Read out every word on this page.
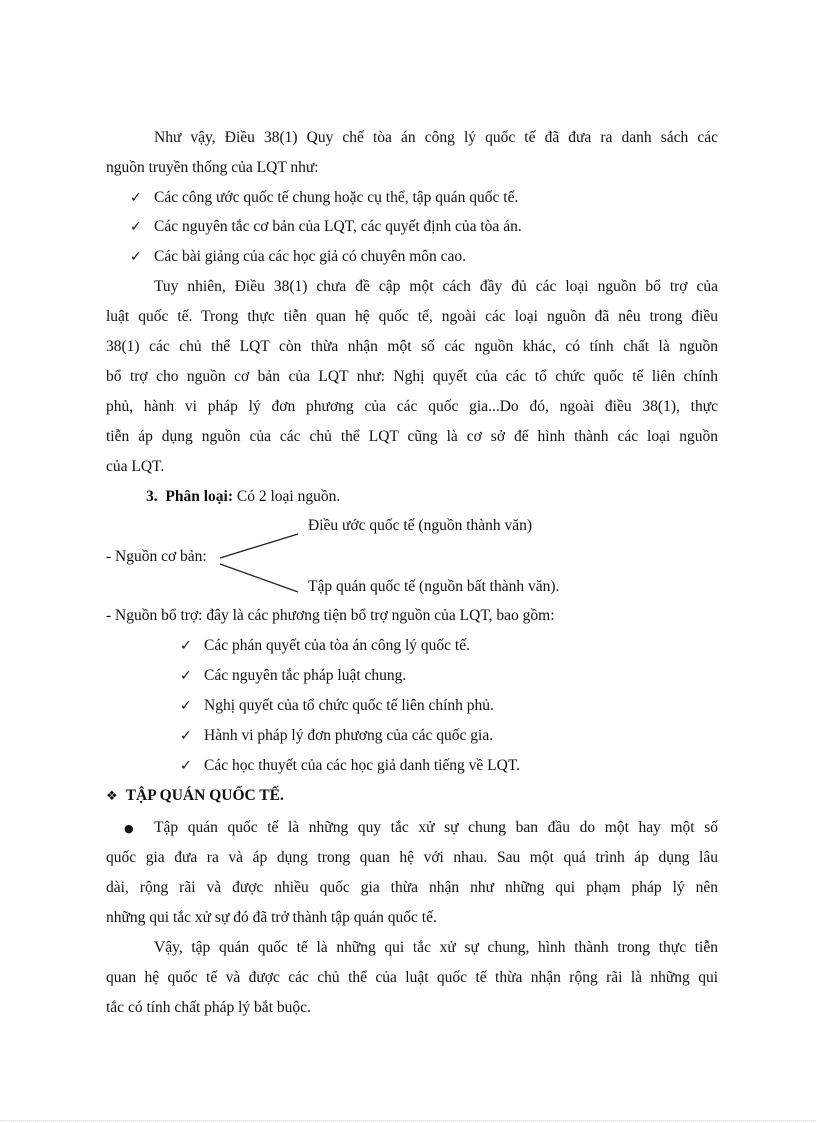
Như vậy, Điều 38(1) Quy chế tòa án công lý quốc tế đã đưa ra danh sách các
nguồn truyền thống của LQT như:
✓ Các công ước quốc tế chung hoặc cụ thể, tập quán quốc tế.
✓ Các nguyên tắc cơ bản của LQT, các quyết định của tòa án.
✓ Các bài giảng của các học giả có chuyên môn cao.
Tuy nhiên, Điều 38(1) chưa đề cập một cách đầy đủ các loại nguồn bổ trợ của
luật quốc tế. Trong thực tiễn quan hệ quốc tế, ngoài các loại nguồn đã nêu trong điều
38(1) các chủ thể LQT còn thừa nhận một số các nguồn khác, có tính chất là nguồn
bổ trợ cho nguồn cơ bản của LQT như: Nghị quyết của các tổ chức quốc tế liên chính
phủ, hành vi pháp lý đơn phương của các quốc gia...Do đó, ngoài điều 38(1), thực
tiễn áp dụng nguồn của các chủ thể LQT cũng là cơ sở để hình thành các loại nguồn
của LQT.
3. Phân loại: Có 2 loại nguồn.
Điều ước quốc tế (nguồn thành văn)
- Nguồn cơ bản:
Tập quán quốc tế (nguồn bất thành văn).
- Nguồn bổ trợ: đây là các phương tiện bổ trợ nguồn của LQT, bao gồm:
✓ Các phán quyết của tòa án công lý quốc tế.
✓ Các nguyên tắc pháp luật chung.
✓ Nghị quyết của tổ chức quốc tế liên chính phủ.
✓ Hành vi pháp lý đơn phương của các quốc gia.
✓ Các học thuyết của các học giả danh tiếng về LQT.
❖ TẬP QUÁN QUỐC TẾ.
● Tập quán quốc tế là những quy tắc xử sự chung ban đầu do một hay một số
quốc gia đưa ra và áp dụng trong quan hệ với nhau. Sau một quá trình áp dụng lâu
dài, rộng rãi và được nhiều quốc gia thừa nhận như những qui phạm pháp lý nên
những qui tắc xử sự đó đã trở thành tập quán quốc tế.
Vậy, tập quán quốc tế là những qui tắc xử sự chung, hình thành trong thực tiễn
quan hệ quốc tế và được các chủ thể của luật quốc tế thừa nhận rộng rãi là những qui
tắc có tính chất pháp lý bắt buộc.
